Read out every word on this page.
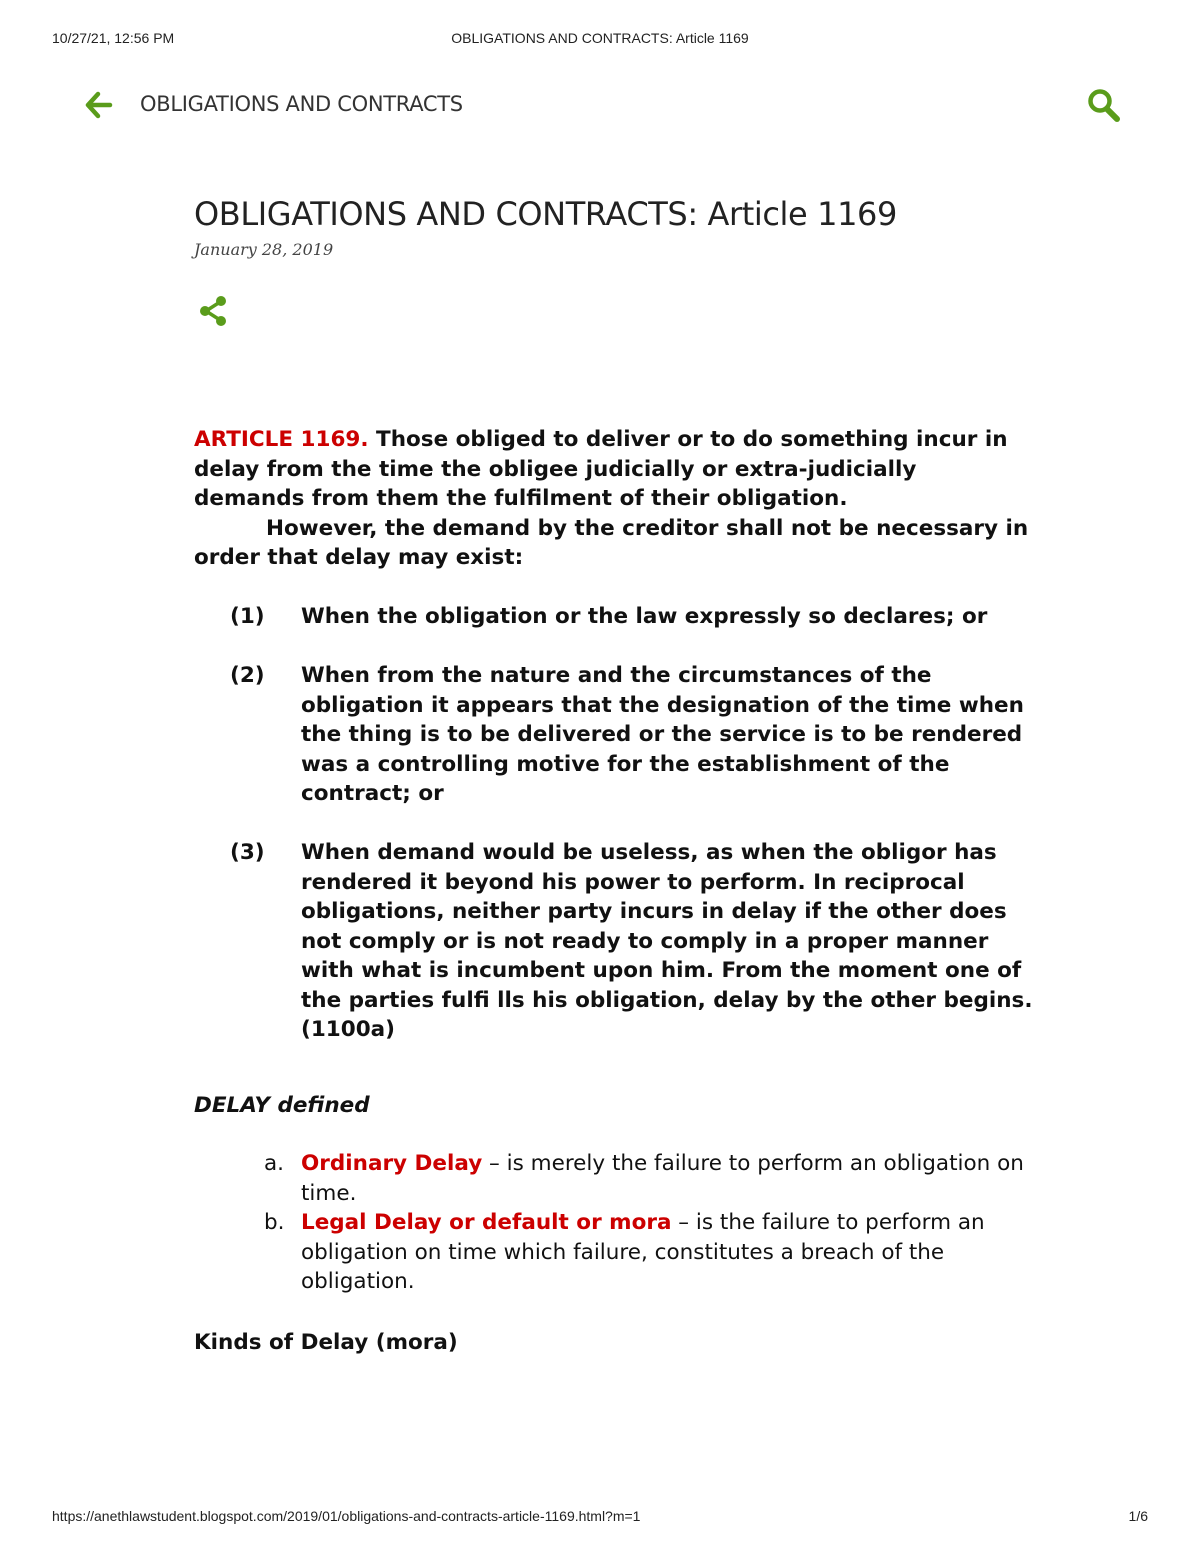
10/27/21, 12:56 PM	OBLIGATIONS AND CONTRACTS: Article 1169
OBLIGATIONS AND CONTRACTS
OBLIGATIONS AND CONTRACTS: Article 1169
January 28, 2019

ARTICLE 1169. Those obliged to deliver or to do something incur in delay from the time the obligee judicially or extra-judicially demands from them the fulfilment of their obligation.

However, the demand by the creditor shall not be necessary in order that delay may exist:

(1) When the obligation or the law expressly so declares; or

(2) When from the nature and the circumstances of the obligation it appears that the designation of the time when the thing is to be delivered or the service is to be rendered was a controlling motive for the establishment of the contract; or

(3) When demand would be useless, as when the obligor has rendered it beyond his power to perform. In reciprocal obligations, neither party incurs in delay if the other does not comply or is not ready to comply in a proper manner with what is incumbent upon him. From the moment one of the parties fulfi lls his obligation, delay by the other begins. (1100a)

DELAY defined

a. Ordinary Delay – is merely the failure to perform an obligation on time.
b. Legal Delay or default or mora – is the failure to perform an obligation on time which failure, constitutes a breach of the obligation.

Kinds of Delay (mora)

https://anethlawstudent.blogspot.com/2019/01/obligations-and-contracts-article-1169.html?m=1	1/6
